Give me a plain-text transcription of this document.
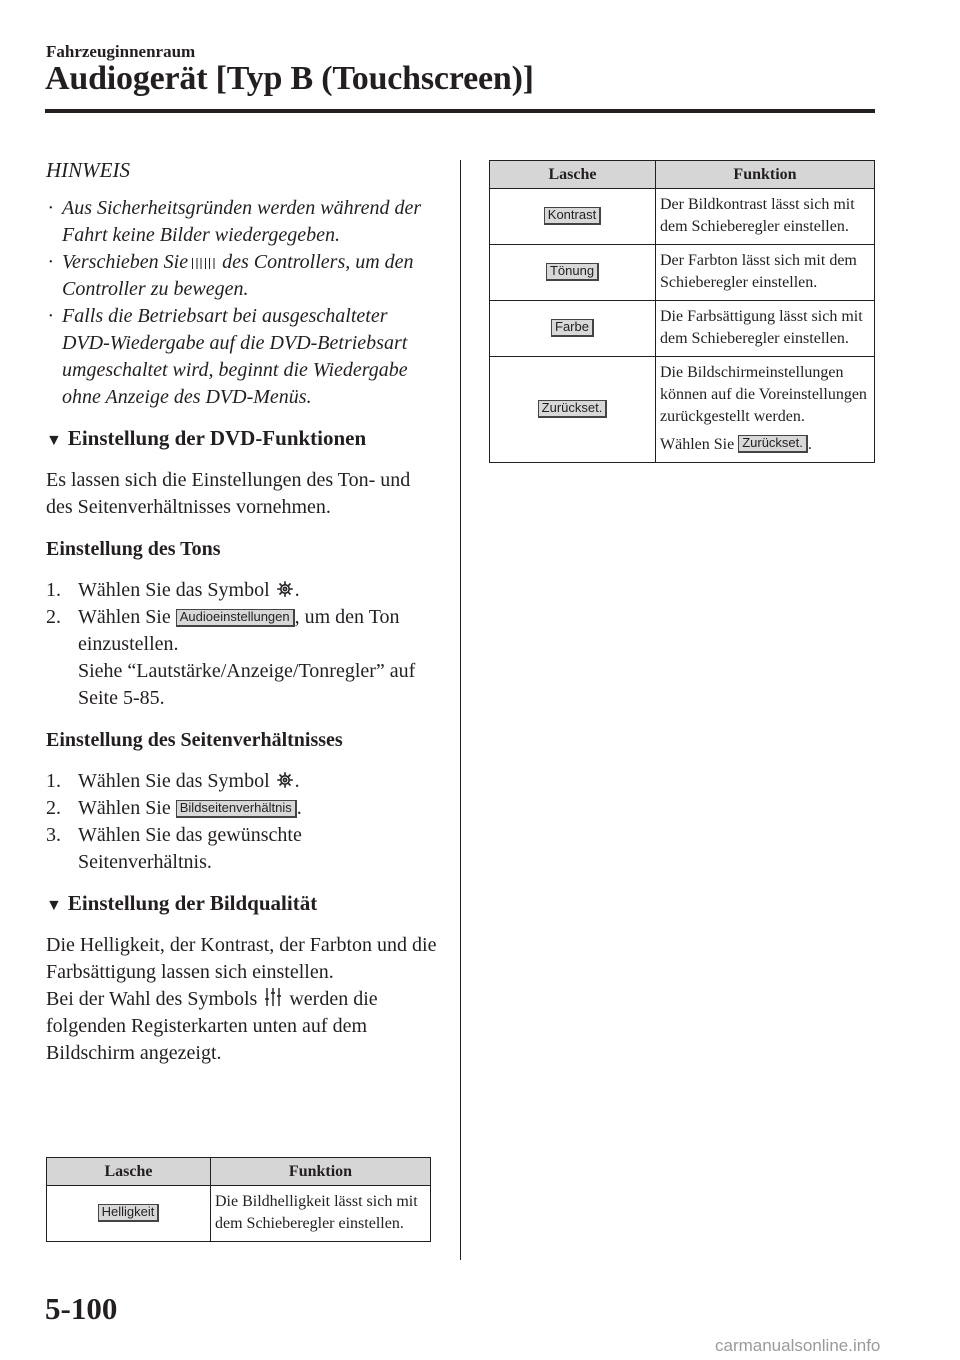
Fahrzeuginnenraum
Audiogerät [Typ B (Touchscreen)]
HINWEIS
· Aus Sicherheitsgründen werden während der Fahrt keine Bilder wiedergegeben.
· Verschieben Sie des Controllers, um den Controller zu bewegen.
· Falls die Betriebsart bei ausgeschalteter DVD-Wiedergabe auf die DVD-Betriebsart umgeschaltet wird, beginnt die Wiedergabe ohne Anzeige des DVD-Menüs.
▼ Einstellung der DVD-Funktionen

Es lassen sich die Einstellungen des Ton- und des Seitenverhältnisses vornehmen.

Einstellung des Tons

1. Wählen Sie das Symbol .
2. Wählen Sie Audioeinstellungen , um den Ton einzustellen.
Siehe “Lautstärke/Anzeige/Tonregler” auf Seite 5-85.

Einstellung des Seitenverhältnisses

1. Wählen Sie das Symbol .
2. Wählen Sie Bildseitenverhältnis .
3. Wählen Sie das gewünschte Seitenverhältnis.
▼ Einstellung der Bildqualität

Die Helligkeit, der Kontrast, der Farbton und die Farbsättigung lassen sich einstellen.

Bei der Wahl des Symbols werden die folgenden Registerkarten unten auf dem Bildschirm angezeigt.

Lasche	Funktion
Helligkeit	Die Bildhelligkeit lässt sich mit dem Schieberegler einstellen.
Lasche	Funktion
Kontrast	Der Bildkontrast lässt sich mit dem Schieberegler einstellen.
Tönung	Der Farbton lässt sich mit dem Schieberegler einstellen.
Farbe	Die Farbsättigung lässt sich mit dem Schieberegler einstellen.
Zurückset.	Die Bildschirmeinstellungen können auf die Voreinstellungen zurückgestellt werden.
Wählen Sie Zurückset. .
5-100
carmanualsonline.info
